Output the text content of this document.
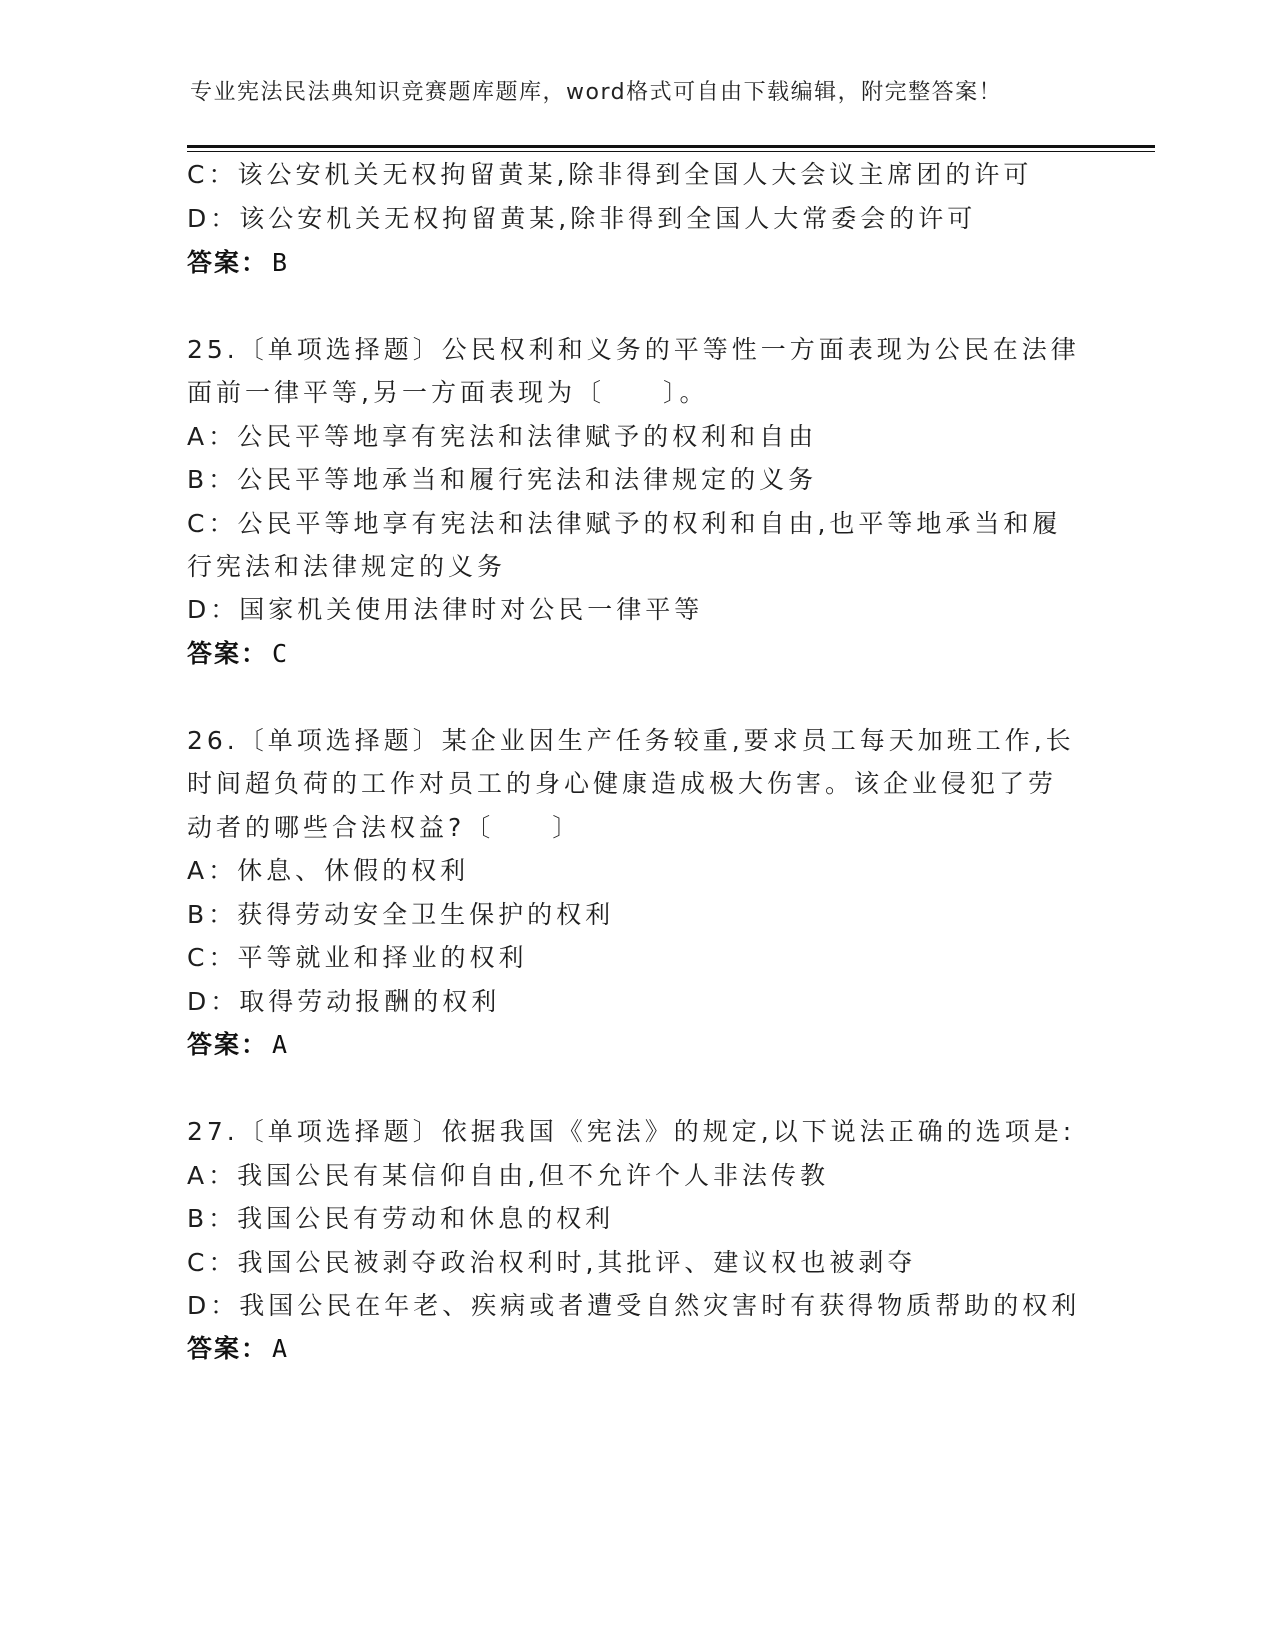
专业宪法民法典知识竞赛题库题库，word格式可自由下载编辑，附完整答案！
C：该公安机关无权拘留黄某,除非得到全国人大会议主席团的许可
D：该公安机关无权拘留黄某,除非得到全国人大常委会的许可
答案： B
25.〔单项选择题〕公民权利和义务的平等性一方面表现为公民在法律
面前一律平等,另一方面表现为〔　　〕。
A：公民平等地享有宪法和法律赋予的权利和自由
B：公民平等地承当和履行宪法和法律规定的义务
C：公民平等地享有宪法和法律赋予的权利和自由,也平等地承当和履
行宪法和法律规定的义务
D：国家机关使用法律时对公民一律平等
答案： C
26.〔单项选择题〕某企业因生产任务较重,要求员工每天加班工作,长
时间超负荷的工作对员工的身心健康造成极大伤害。该企业侵犯了劳
动者的哪些合法权益?〔　　〕
A：休息、休假的权利
B：获得劳动安全卫生保护的权利
C：平等就业和择业的权利
D：取得劳动报酬的权利
答案： A
27.〔单项选择题〕依据我国《宪法》的规定,以下说法正确的选项是:
A：我国公民有某信仰自由,但不允许个人非法传教
B：我国公民有劳动和休息的权利
C：我国公民被剥夺政治权利时,其批评、建议权也被剥夺
D：我国公民在年老、疾病或者遭受自然灾害时有获得物质帮助的权利
答案： A
